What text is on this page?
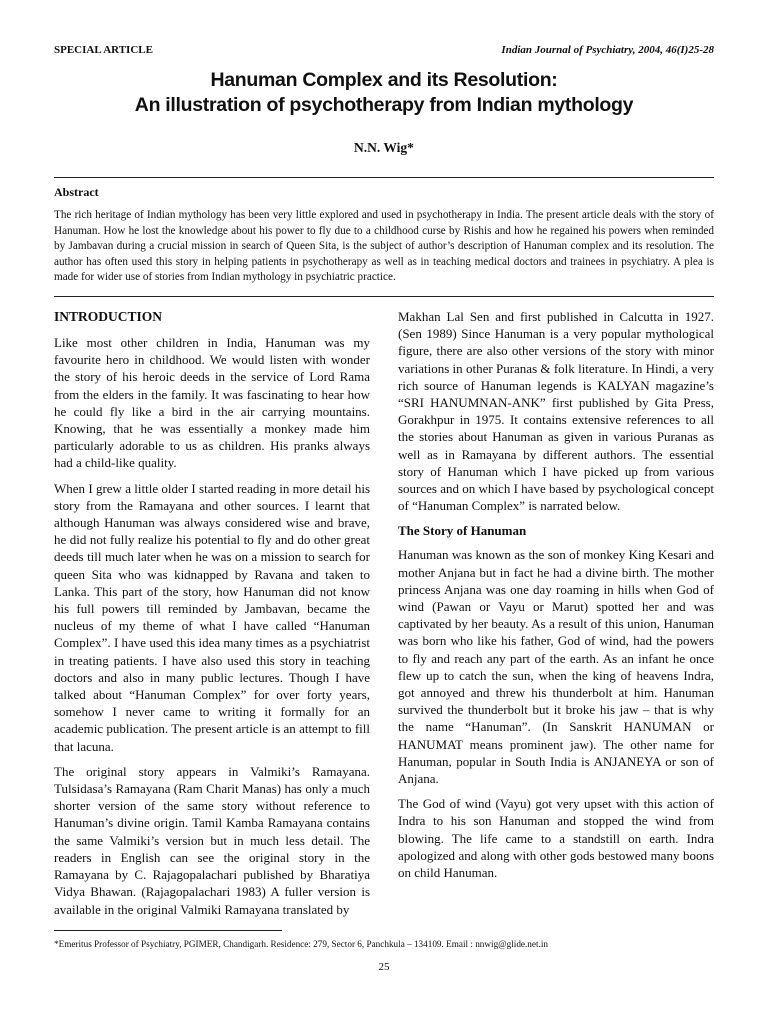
SPECIAL ARTICLE	Indian Journal of Psychiatry, 2004, 46(I)25-28
Hanuman Complex and its Resolution:
An illustration of psychotherapy from Indian mythology
N.N. Wig*
Abstract
The rich heritage of Indian mythology has been very little explored and used in psychotherapy in India. The present article deals with the story of Hanuman. How he lost the knowledge about his power to fly due to a childhood curse by Rishis and how he regained his powers when reminded by Jambavan during a crucial mission in search of Queen Sita, is the subject of author’s description of Hanuman complex and its resolution. The author has often used this story in helping patients in psychotherapy as well as in teaching medical doctors and trainees in psychiatry. A plea is made for wider use of stories from Indian mythology in psychiatric practice.
INTRODUCTION

Like most other children in India, Hanuman was my favourite hero in childhood. We would listen with wonder the story of his heroic deeds in the service of Lord Rama from the elders in the family. It was fascinating to hear how he could fly like a bird in the air carrying mountains. Knowing, that he was essentially a monkey made him particularly adorable to us as children. His pranks always had a child-like quality.

When I grew a little older I started reading in more detail his story from the Ramayana and other sources. I learnt that although Hanuman was always considered wise and brave, he did not fully realize his potential to fly and do other great deeds till much later when he was on a mission to search for queen Sita who was kidnapped by Ravana and taken to Lanka. This part of the story, how Hanuman did not know his full powers till reminded by Jambavan, became the nucleus of my theme of what I have called “Hanuman Complex”. I have used this idea many times as a psychiatrist in treating patients. I have also used this story in teaching doctors and also in many public lectures. Though I have talked about “Hanuman Complex” for over forty years, somehow I never came to writing it formally for an academic publication. The present article is an attempt to fill that lacuna.

The original story appears in Valmiki’s Ramayana. Tulsidasa’s Ramayana (Ram Charit Manas) has only a much shorter version of the same story without reference to Hanuman’s divine origin. Tamil Kamba Ramayana contains the same Valmiki’s version but in much less detail. The readers in English can see the original story in the Ramayana by C. Rajagopalachari published by Bharatiya Vidya Bhawan. (Rajagopalachari 1983) A fuller version is available in the original Valmiki Ramayana translated by

Makhan Lal Sen and first published in Calcutta in 1927. (Sen 1989) Since Hanuman is a very popular mythological figure, there are also other versions of the story with minor variations in other Puranas & folk literature. In Hindi, a very rich source of Hanuman legends is KALYAN magazine’s “SRI HANUMNAN-ANK” first published by Gita Press, Gorakhpur in 1975. It contains extensive references to all the stories about Hanuman as given in various Puranas as well as in Ramayana by different authors. The essential story of Hanuman which I have picked up from various sources and on which I have based by psychological concept of “Hanuman Complex” is narrated below.

The Story of Hanuman

Hanuman was known as the son of monkey King Kesari and mother Anjana but in fact he had a divine birth. The mother princess Anjana was one day roaming in hills when God of wind (Pawan or Vayu or Marut) spotted her and was captivated by her beauty. As a result of this union, Hanuman was born who like his father, God of wind, had the powers to fly and reach any part of the earth. As an infant he once flew up to catch the sun, when the king of heavens Indra, got annoyed and threw his thunderbolt at him. Hanuman survived the thunderbolt but it broke his jaw – that is why the name “Hanuman”. (In Sanskrit HANUMAN or HANUMAT means prominent jaw). The other name for Hanuman, popular in South India is ANJANEYA or son of Anjana.

The God of wind (Vayu) got very upset with this action of Indra to his son Hanuman and stopped the wind from blowing. The life came to a standstill on earth. Indra apologized and along with other gods bestowed many boons on child Hanuman.

*Emeritus Professor of Psychiatry, PGIMER, Chandigarh. Residence: 279, Sector 6, Panchkula – 134109. Email : nnwig@glide.net.in
25
